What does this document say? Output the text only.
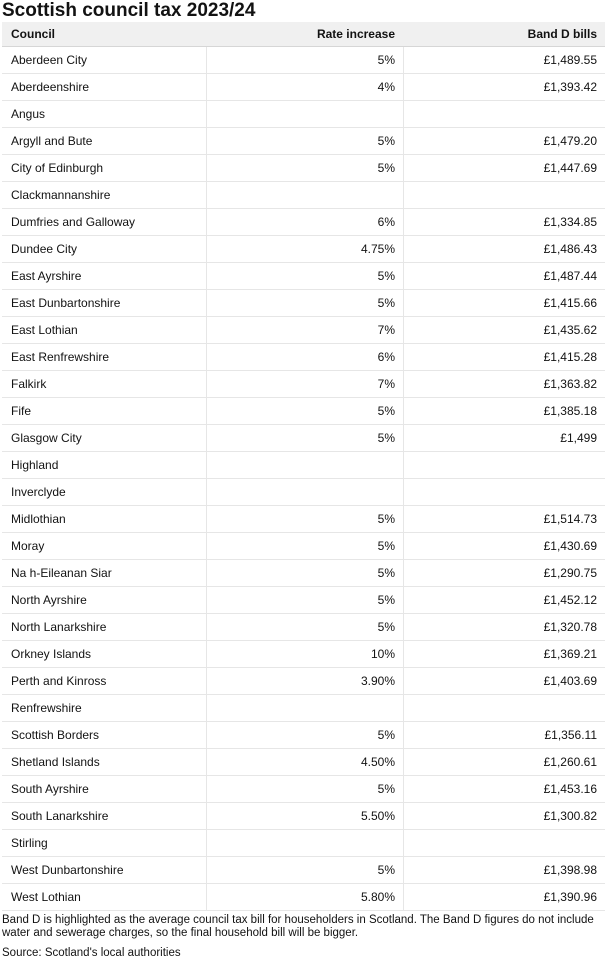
Scottish council tax 2023/24
Council	Rate increase	Band D bills
Aberdeen City	5%	£1,489.55
Aberdeenshire	4%	£1,393.42
Angus		
Argyll and Bute	5%	£1,479.20
City of Edinburgh	5%	£1,447.69
Clackmannanshire		
Dumfries and Galloway	6%	£1,334.85
Dundee City	4.75%	£1,486.43
East Ayrshire	5%	£1,487.44
East Dunbartonshire	5%	£1,415.66
East Lothian	7%	£1,435.62
East Renfrewshire	6%	£1,415.28
Falkirk	7%	£1,363.82
Fife	5%	£1,385.18
Glasgow City	5%	£1,499
Highland		
Inverclyde		
Midlothian	5%	£1,514.73
Moray	5%	£1,430.69
Na h-Eileanan Siar	5%	£1,290.75
North Ayrshire	5%	£1,452.12
North Lanarkshire	5%	£1,320.78
Orkney Islands	10%	£1,369.21
Perth and Kinross	3.90%	£1,403.69
Renfrewshire		
Scottish Borders	5%	£1,356.11
Shetland Islands	4.50%	£1,260.61
South Ayrshire	5%	£1,453.16
South Lanarkshire	5.50%	£1,300.82
Stirling		
West Dunbartonshire	5%	£1,398.98
West Lothian	5.80%	£1,390.96
Band D is highlighted as the average council tax bill for householders in Scotland. The Band D figures do not include water and sewerage charges, so the final household bill will be bigger.
Source: Scotland's local authorities
